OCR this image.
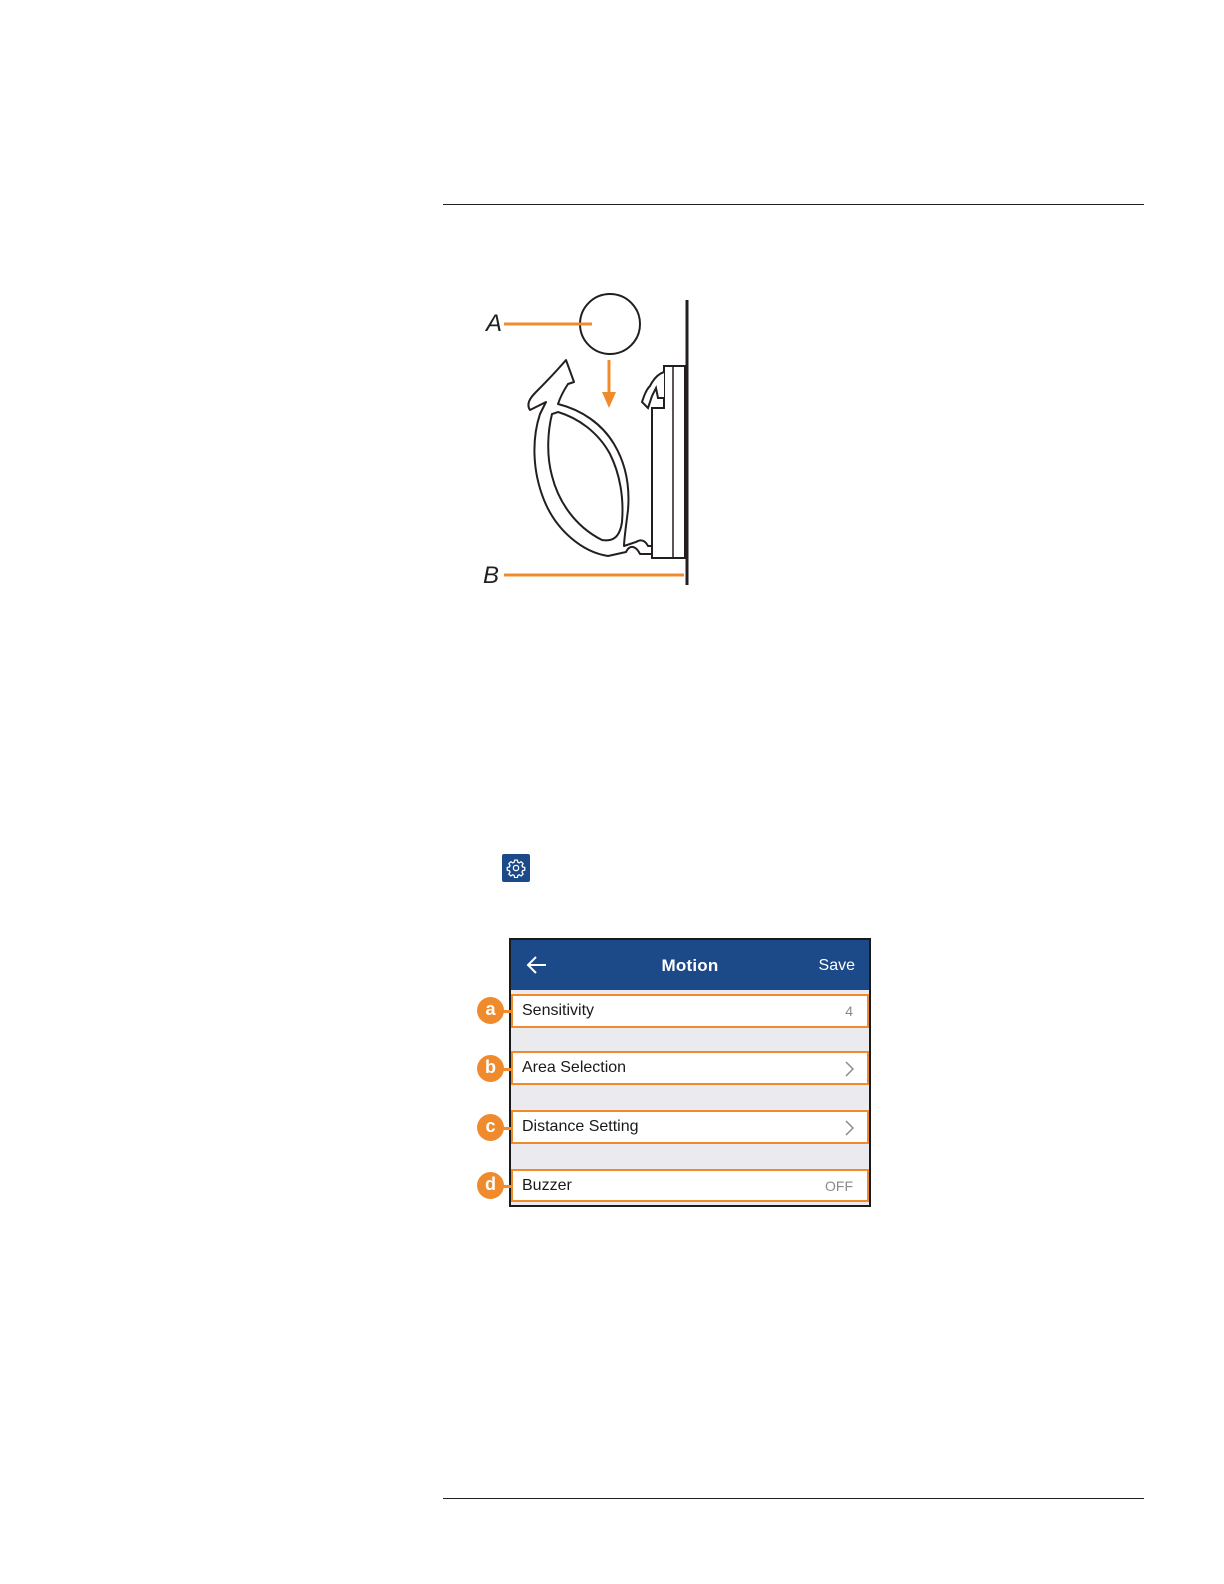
A
B
Motion	Save
Sensitivity	4
Area Selection
Distance Setting
Buzzer	OFF
a
b
c
d
